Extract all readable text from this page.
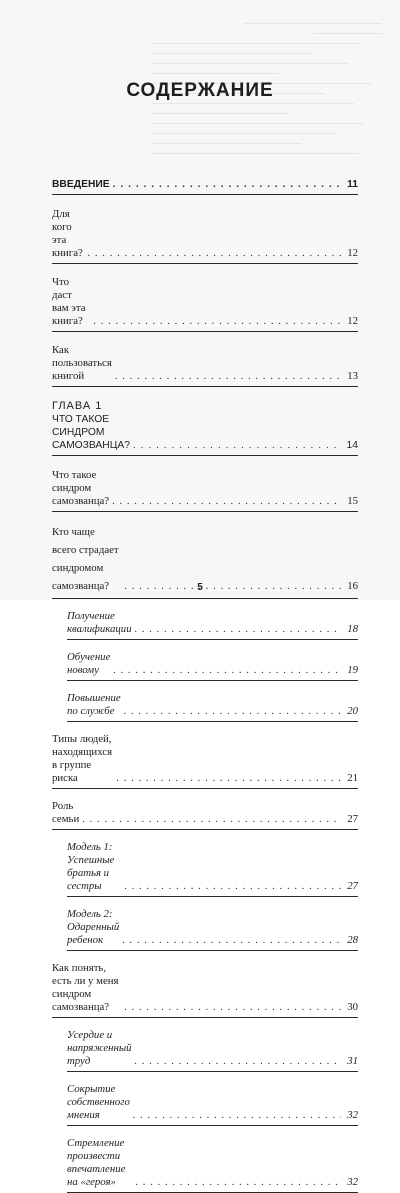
СОДЕРЖАНИЕ
ВВЕДЕНИЕ . . .	11
Для кого эта книга? . . .	12
Что даст вам эта книга? . . .	12
Как пользоваться книгой . . .	13
ГЛАВА 1
ЧТО ТАКОЕ СИНДРОМ САМОЗВАНЦА? . . .	14
Что такое синдром самозванца? . . .	15
Кто чаще всего страдает синдромом самозванца? . . .	16
Получение квалификации . . .	18
Обучение новому . . .	19
Повышение по службе . . .	20
Типы людей, находящихся в группе риска . . .	21
Роль семьи . . .	27
Модель 1: Успешные братья и сестры . . .	27
Модель 2: Одаренный ребенок . . .	28
Как понять, есть ли у меня синдром самозванца? . . .	30
Усердие и напряженный труд . . .	31
Сокрытие собственного мнения . . .	32
Стремление произвести впечатление на «героя» . . .	32
5
